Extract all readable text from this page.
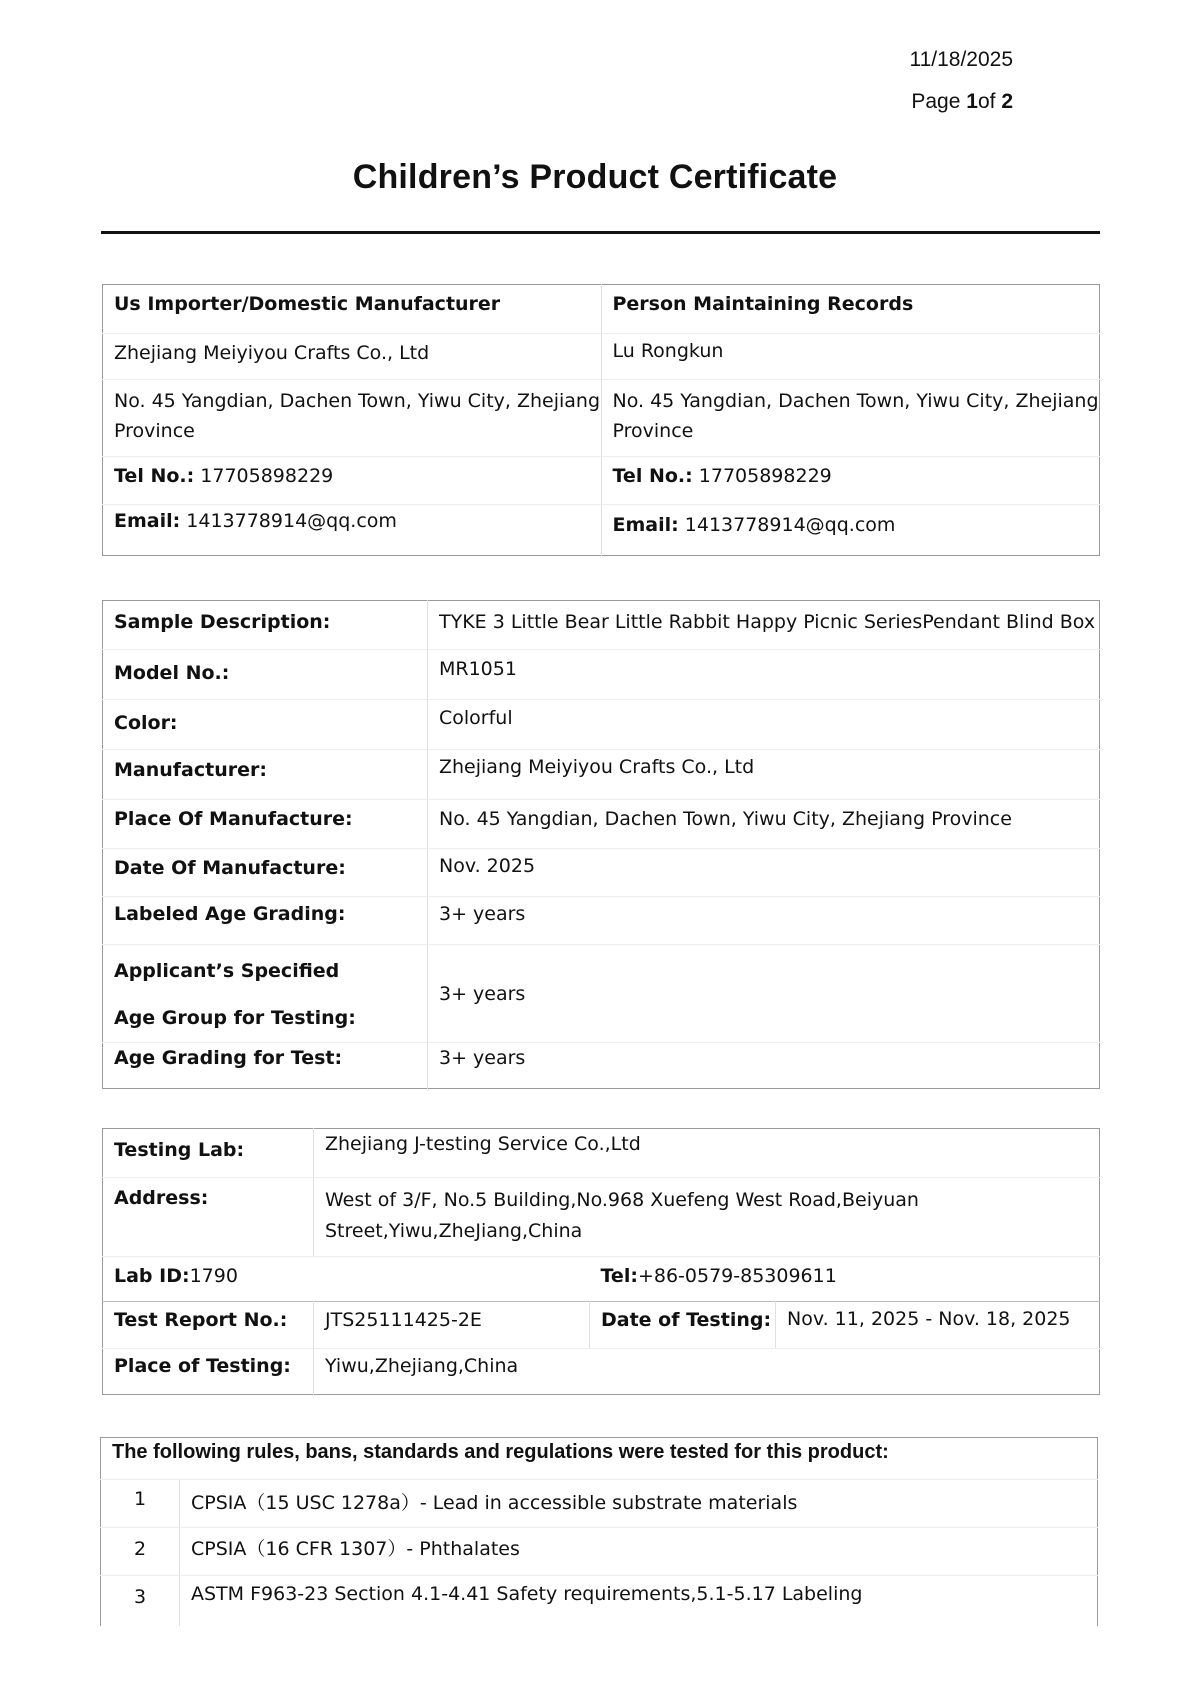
11/18/2025
Page 1of 2
Children’s Product Certificate
Us Importer/Domestic Manufacturer	Person Maintaining Records
Zhejiang Meiyiyou Crafts Co., Ltd	Lu Rongkun
No. 45 Yangdian, Dachen Town, Yiwu City, Zhejiang Province	No. 45 Yangdian, Dachen Town, Yiwu City, Zhejiang Province
Tel No.: 17705898229	Tel No.: 17705898229
Email: 1413778914@qq.com	Email: 1413778914@qq.com
Sample Description:	TYKE 3 Little Bear Little Rabbit Happy Picnic SeriesPendant Blind Box
Model No.:	MR1051
Color:	Colorful
Manufacturer:	Zhejiang Meiyiyou Crafts Co., Ltd
Place Of Manufacture:	No. 45 Yangdian, Dachen Town, Yiwu City, Zhejiang Province
Date Of Manufacture:	Nov. 2025
Labeled Age Grading:	3+ years
Applicant’s Specified
Age Group for Testing:	3+ years
Age Grading for Test:	3+ years
Testing Lab:	Zhejiang J-testing Service Co.,Ltd		
Address:	West of 3/F, No.5 Building,No.968 Xuefeng West Road,Beiyuan
Street,Yiwu,ZheJiang,China		
Lab ID:1790		Tel:+86-0579-85309611	
Test Report No.:	JTS25111425-2E	Date of Testing:	Nov. 11, 2025 - Nov. 18, 2025
Place of Testing:	Yiwu,Zhejiang,China		
The following rules, bans, standards and regulations were tested for this product:	
1	CPSIA（15 USC 1278a）- Lead in accessible substrate materials
2	CPSIA（16 CFR 1307）- Phthalates
3	ASTM F963-23 Section 4.1-4.41 Safety requirements,5.1-5.17 Labeling
